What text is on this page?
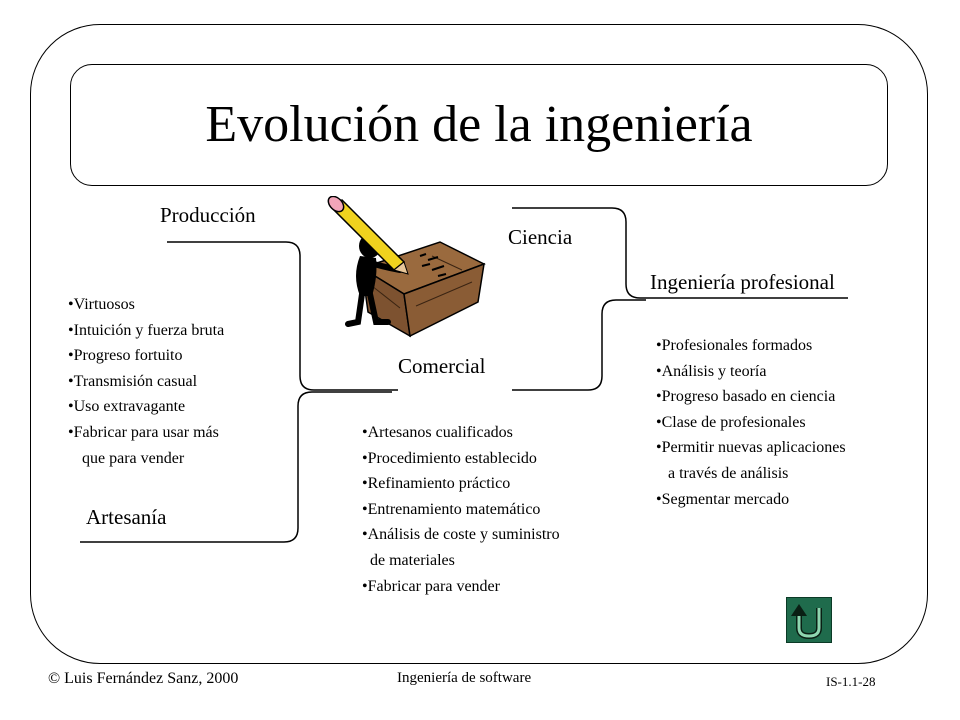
Evolución de la ingeniería
Producción
Ciencia
Ingeniería profesional
Comercial
Artesanía
• Virtuosos
• Intuición y fuerza bruta
• Progreso fortuito
• Transmisión casual
• Uso extravagante
• Fabricar para usar más
que para vender
• Artesanos cualificados
• Procedimiento establecido
• Refinamiento práctico
• Entrenamiento matemático
• Análisis de coste y suministro
de materiales
• Fabricar para vender
• Profesionales formados
• Análisis y teoría
• Progreso basado en ciencia
• Clase de profesionales
• Permitir nuevas aplicaciones
a través de análisis
• Segmentar mercado
© Luis Fernández Sanz, 2000	Ingeniería de software	IS-1.1-28
